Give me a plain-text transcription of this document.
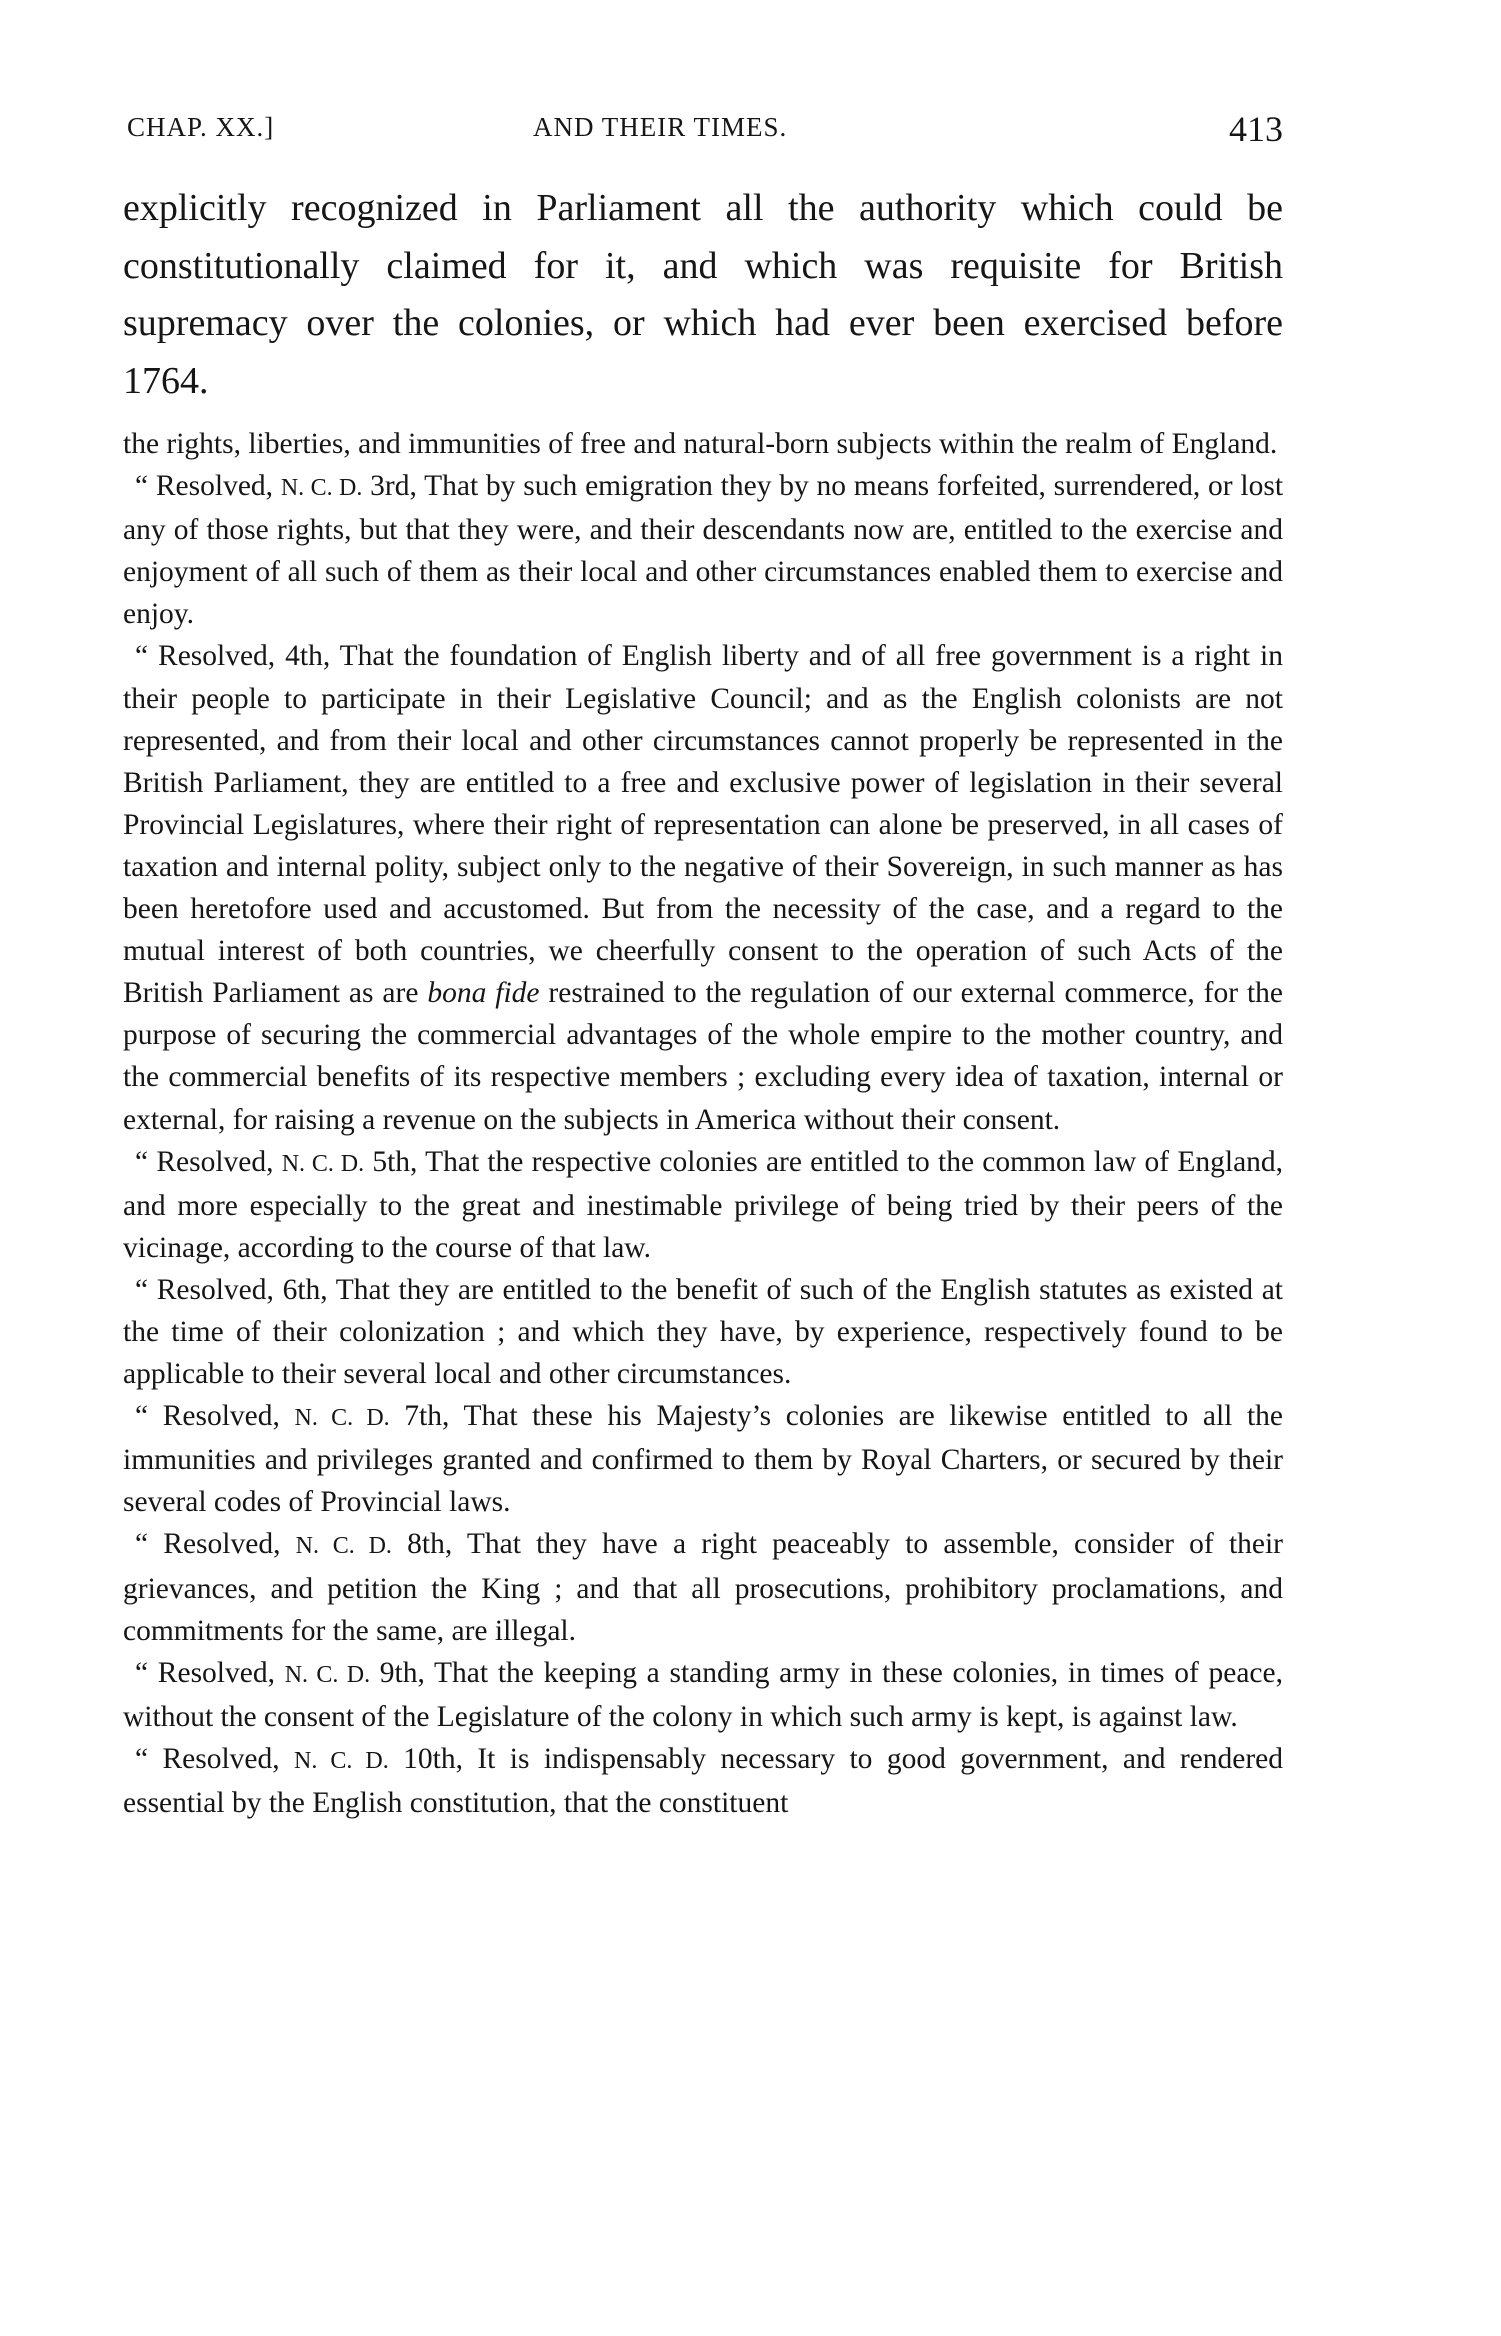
CHAP. XX.]	AND THEIR TIMES.	413
explicitly recognized in Parliament all the authority which could be constitutionally claimed for it, and which was requisite for British supremacy over the colonies, or which had ever been exercised before 1764.

the rights, liberties, and immunities of free and natural-born subjects within the realm of England.

“ Resolved, N. C. D. 3rd, That by such emigration they by no means forfeited, surrendered, or lost any of those rights, but that they were, and their descendants now are, entitled to the exercise and enjoyment of all such of them as their local and other circumstances enabled them to exercise and enjoy.

“ Resolved, 4th, That the foundation of English liberty and of all free government is a right in their people to participate in their Legislative Council; and as the English colonists are not represented, and from their local and other circumstances cannot properly be represented in the British Parliament, they are entitled to a free and exclusive power of legislation in their several Provincial Legislatures, where their right of representation can alone be preserved, in all cases of taxation and internal polity, subject only to the negative of their Sovereign, in such manner as has been heretofore used and accustomed. But from the necessity of the case, and a regard to the mutual interest of both countries, we cheerfully consent to the operation of such Acts of the British Parliament as are bona fide restrained to the regulation of our external commerce, for the purpose of securing the commercial advantages of the whole empire to the mother country, and the commercial benefits of its respective members ; excluding every idea of taxation, internal or external, for raising a revenue on the subjects in America without their consent.

“ Resolved, N. C. D. 5th, That the respective colonies are entitled to the common law of England, and more especially to the great and inestimable privilege of being tried by their peers of the vicinage, according to the course of that law.

“ Resolved, 6th, That they are entitled to the benefit of such of the English statutes as existed at the time of their colonization ; and which they have, by experience, respectively found to be applicable to their several local and other circumstances.

“ Resolved, N. C. D. 7th, That these his Majesty’s colonies are likewise entitled to all the immunities and privileges granted and confirmed to them by Royal Charters, or secured by their several codes of Provincial laws.

“ Resolved, N. C. D. 8th, That they have a right peaceably to assemble, consider of their grievances, and petition the King ; and that all prosecutions, prohibitory proclamations, and commitments for the same, are illegal.

“ Resolved, N. C. D. 9th, That the keeping a standing army in these colonies, in times of peace, without the consent of the Legislature of the colony in which such army is kept, is against law.

“ Resolved, N. C. D. 10th, It is indispensably necessary to good government, and rendered essential by the English constitution, that the constituent
